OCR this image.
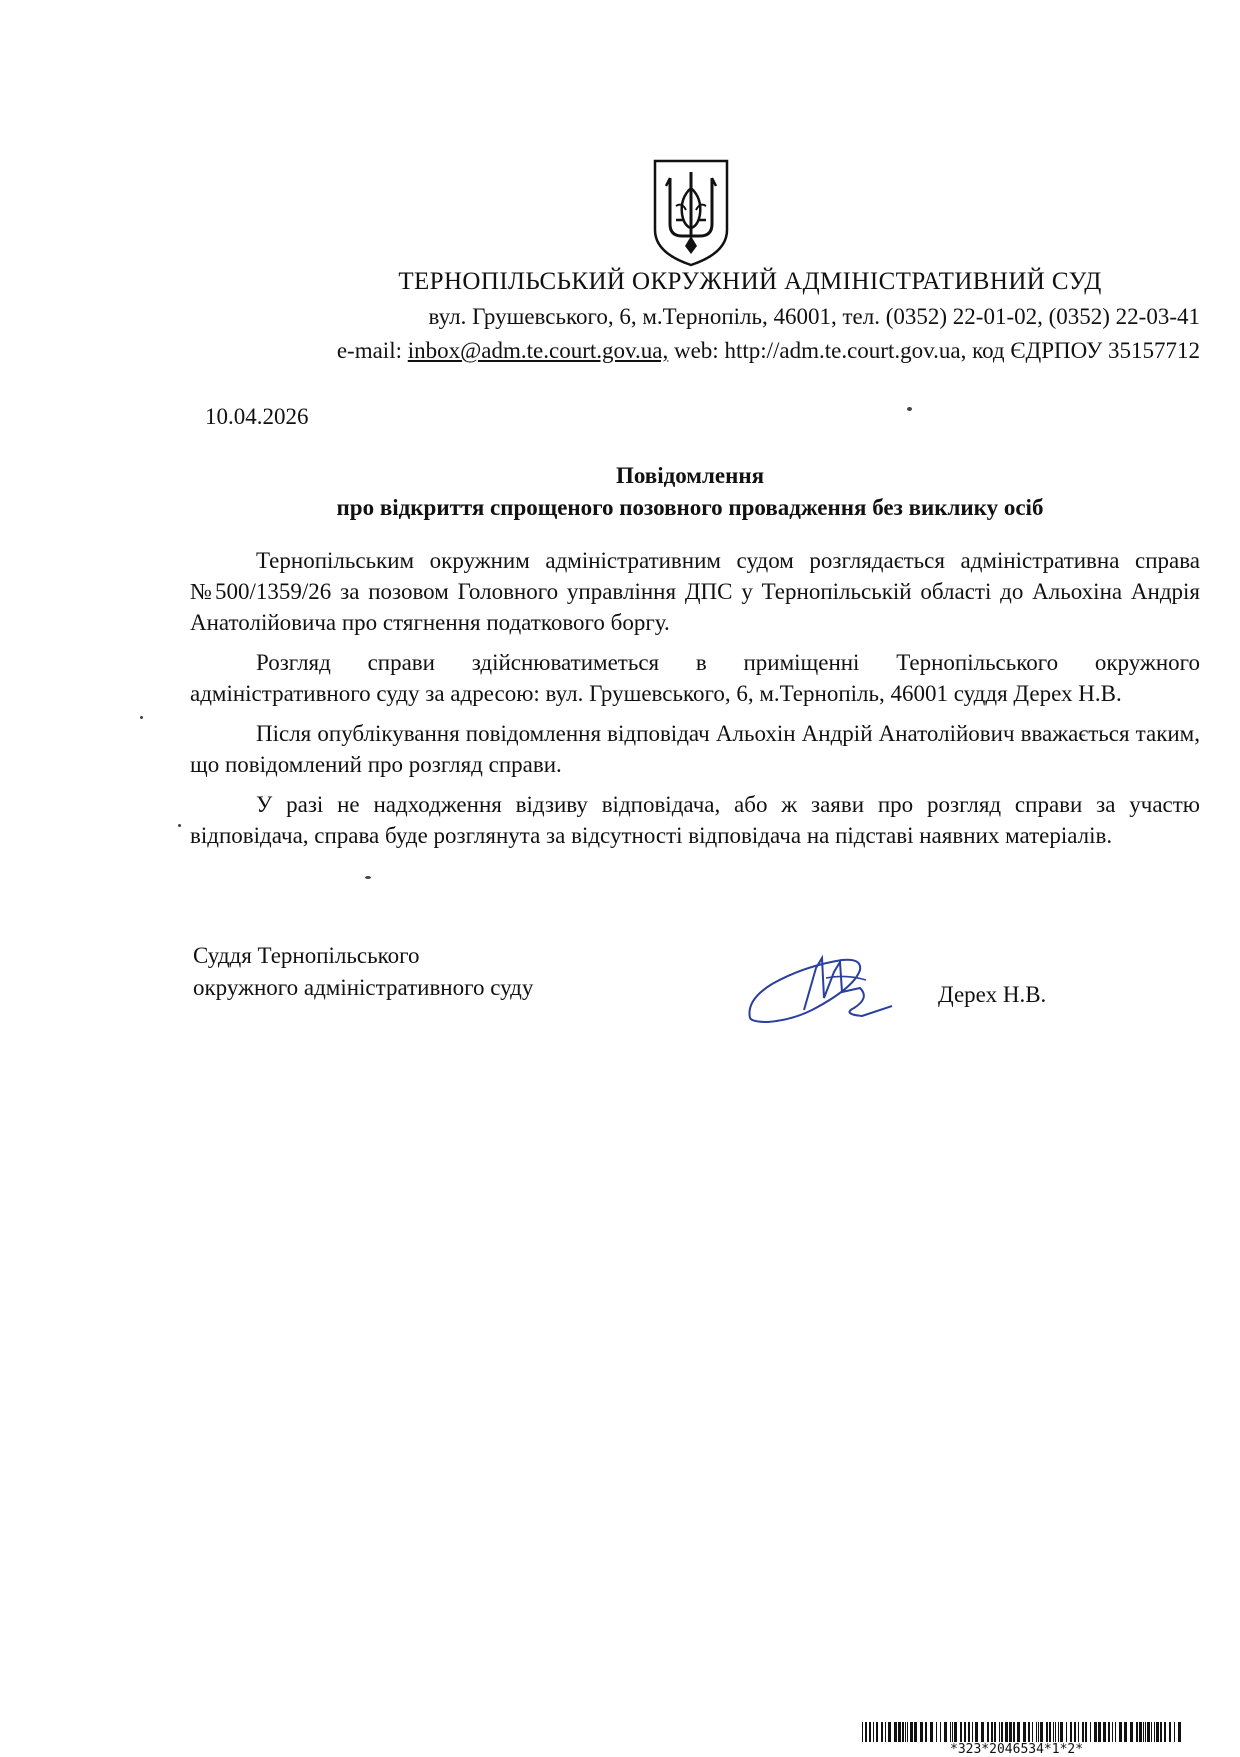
ТЕРНОПІЛЬСЬКИЙ ОКРУЖНИЙ АДМІНІСТРАТИВНИЙ СУД
вул. Грушевського, 6, м.Тернопіль, 46001, тел. (0352) 22-01-02, (0352) 22-03-41
e-mail: inbox@adm.te.court.gov.ua, web: http://adm.te.court.gov.ua, код ЄДРПОУ 35157712
10.04.2026
Повідомлення
про відкриття спрощеного позовного провадження без виклику осіб

Тернопільським окружним адміністративним судом розглядається адміністративна справа №500/1359/26 за позовом Головного управління ДПС у Тернопільській області до Альохіна Андрія Анатолійовича про стягнення податкового боргу.

Розгляд справи здійснюватиметься в приміщенні Тернопільського окружного адміністративного суду за адресою: вул. Грушевського, 6, м.Тернопіль, 46001 суддя Дерех Н.В.

Після опублікування повідомлення відповідач Альохін Андрій Анатолійович вважається таким, що повідомлений про розгляд справи.

У разі не надходження відзиву відповідача, або ж заяви про розгляд справи за участю відповідача, справа буде розглянута за відсутності відповідача на підставі наявних матеріалів.

Суддя Тернопільського
окружного адміністративного суду	Дерех Н.В.
*323*2046534*1*2*
